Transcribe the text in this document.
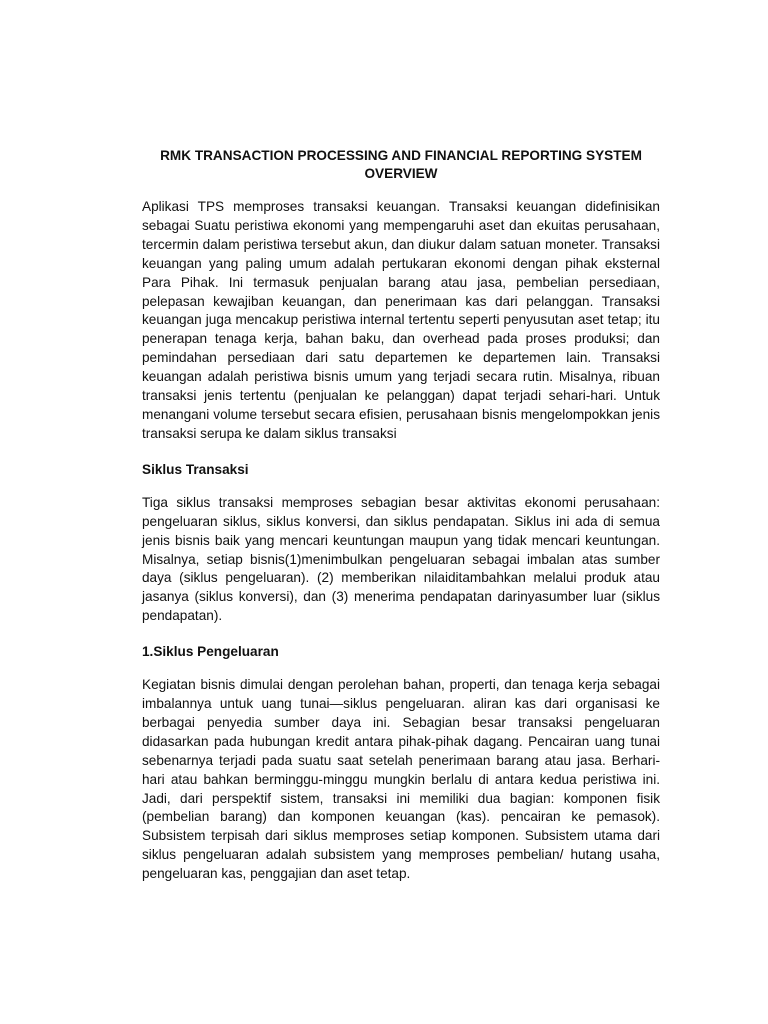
RMK TRANSACTION PROCESSING AND FINANCIAL REPORTING SYSTEM OVERVIEW

Aplikasi TPS memproses transaksi keuangan. Transaksi keuangan didefinisikan sebagai Suatu peristiwa ekonomi yang mempengaruhi aset dan ekuitas perusahaan, tercermin dalam peristiwa tersebut akun, dan diukur dalam satuan moneter. Transaksi keuangan yang paling umum adalah pertukaran ekonomi dengan pihak eksternal Para Pihak. Ini termasuk penjualan barang atau jasa, pembelian persediaan, pelepasan kewajiban keuangan, dan penerimaan kas dari pelanggan. Transaksi keuangan juga mencakup peristiwa internal tertentu seperti penyusutan aset tetap; itu penerapan tenaga kerja, bahan baku, dan overhead pada proses produksi; dan pemindahan persediaan dari satu departemen ke departemen lain. Transaksi keuangan adalah peristiwa bisnis umum yang terjadi secara rutin. Misalnya, ribuan transaksi jenis tertentu (penjualan ke pelanggan) dapat terjadi sehari-hari. Untuk menangani volume tersebut secara efisien, perusahaan bisnis mengelompokkan jenis transaksi serupa ke dalam siklus transaksi

Siklus Transaksi

Tiga siklus transaksi memproses sebagian besar aktivitas ekonomi perusahaan: pengeluaran siklus, siklus konversi, dan siklus pendapatan. Siklus ini ada di semua jenis bisnis baik yang mencari keuntungan maupun yang tidak mencari keuntungan. Misalnya, setiap bisnis(1)menimbulkan pengeluaran sebagai imbalan atas sumber daya (siklus pengeluaran). (2) memberikan nilaiditambahkan melalui produk atau jasanya (siklus konversi), dan (3) menerima pendapatan darinyasumber luar (siklus pendapatan).

1.Siklus Pengeluaran

Kegiatan bisnis dimulai dengan perolehan bahan, properti, dan tenaga kerja sebagai imbalannya untuk uang tunai—siklus pengeluaran. aliran kas dari organisasi ke berbagai penyedia sumber daya ini. Sebagian besar transaksi pengeluaran didasarkan pada hubungan kredit antara pihak-pihak dagang. Pencairan uang tunai sebenarnya terjadi pada suatu saat setelah penerimaan barang atau jasa. Berhari-hari atau bahkan berminggu-minggu mungkin berlalu di antara kedua peristiwa ini. Jadi, dari perspektif sistem, transaksi ini memiliki dua bagian: komponen fisik (pembelian barang) dan komponen keuangan (kas). pencairan ke pemasok). Subsistem terpisah dari siklus memproses setiap komponen. Subsistem utama dari siklus pengeluaran adalah subsistem yang memproses pembelian/ hutang usaha, pengeluaran kas, penggajian dan aset tetap.
